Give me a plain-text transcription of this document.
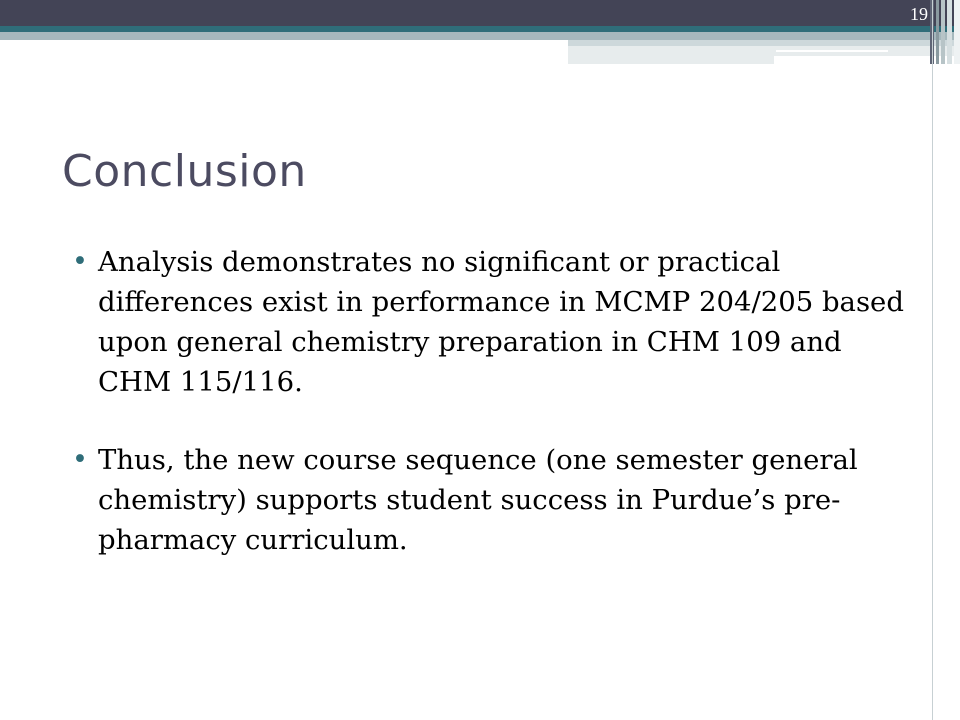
19
Conclusion
• Analysis demonstrates no significant or practical differences exist in performance in MCMP 204/205 based upon general chemistry preparation in CHM 109 and CHM 115/116.
• Thus, the new course sequence (one semester general chemistry) supports student success in Purdue’s pre-pharmacy curriculum.
